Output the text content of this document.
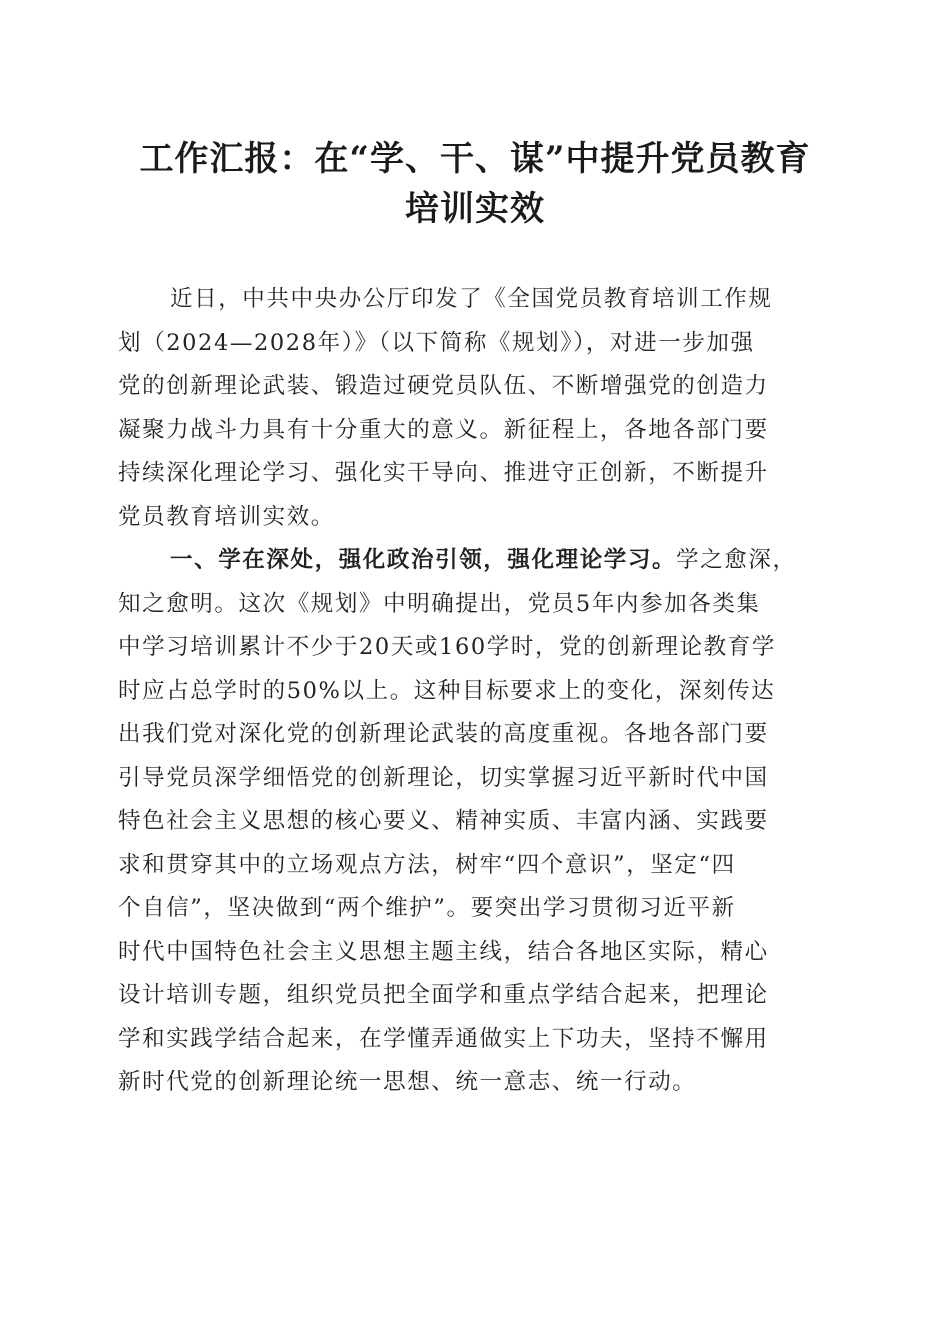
工作汇报：在“学、干、谋”中提升党员教育
培训实效
近日，中共中央办公厅印发了《全国党员教育培训工作规
划（2024—2028年）》（以下简称《规划》），对进一步加强
党的创新理论武装、锻造过硬党员队伍、不断增强党的创造力
凝聚力战斗力具有十分重大的意义。新征程上，各地各部门要
持续深化理论学习、强化实干导向、推进守正创新，不断提升
党员教育培训实效。
一、学在深处，强化政治引领，强化理论学习。学之愈深，
知之愈明。这次《规划》中明确提出，党员5年内参加各类集
中学习培训累计不少于20天或160学时，党的创新理论教育学
时应占总学时的50%以上。这种目标要求上的变化，深刻传达
出我们党对深化党的创新理论武装的高度重视。各地各部门要
引导党员深学细悟党的创新理论，切实掌握习近平新时代中国
特色社会主义思想的核心要义、精神实质、丰富内涵、实践要
求和贯穿其中的立场观点方法，树牢“四个意识”，坚定“四
个自信”，坚决做到“两个维护”。要突出学习贯彻习近平新
时代中国特色社会主义思想主题主线，结合各地区实际，精心
设计培训专题，组织党员把全面学和重点学结合起来，把理论
学和实践学结合起来，在学懂弄通做实上下功夫，坚持不懈用
新时代党的创新理论统一思想、统一意志、统一行动。
